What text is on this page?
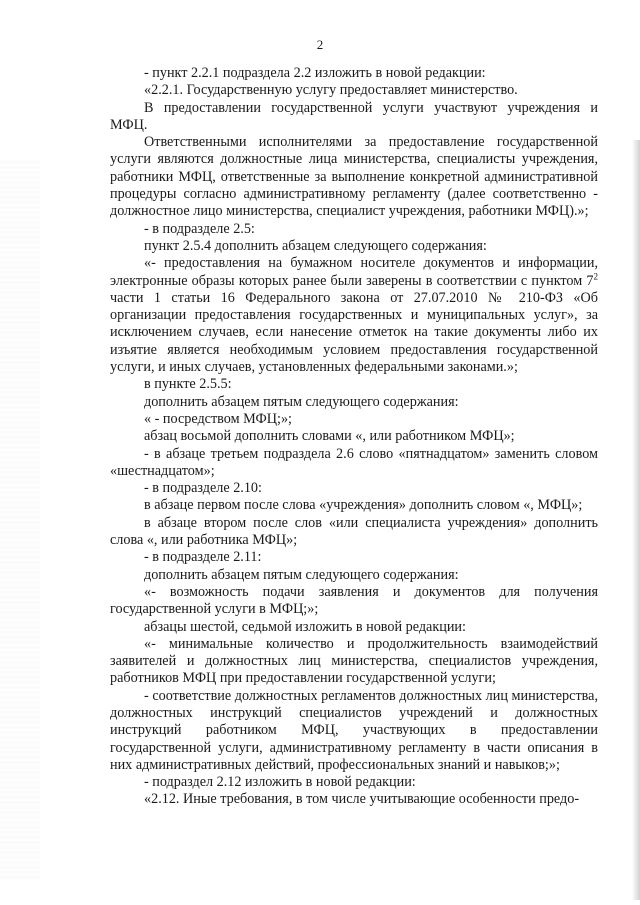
2

- пункт 2.2.1 подраздела 2.2 изложить в новой редакции:

«2.2.1. Государственную услугу предоставляет министерство.

В предоставлении государственной услуги участвуют учреждения и МФЦ.

Ответственными исполнителями за предоставление государственной услуги являются должностные лица министерства, специалисты учреждения, работники МФЦ, ответственные за выполнение конкретной административной процедуры согласно административному регламенту (далее соответственно - должностное лицо министерства, специалист учреждения, работники МФЦ).»;

- в подразделе 2.5:

пункт 2.5.4 дополнить абзацем следующего содержания:

«- предоставления на бумажном носителе документов и информации, электронные образы которых ранее были заверены в соответствии с пунктом $7^2$ части 1 статьи 16 Федерального закона от 27.07.2010 № 210-ФЗ «Об организации предоставления государственных и муниципальных услуг», за исключением случаев, если нанесение отметок на такие документы либо их изъятие является необходимым условием предоставления государственной услуги, и иных случаев, установленных федеральными законами.»;

в пункте 2.5.5:

дополнить абзацем пятым следующего содержания:

« - посредством МФЦ;»;

абзац восьмой дополнить словами «, или работником МФЦ»;

- в абзаце третьем подраздела 2.6 слово «пятнадцатом» заменить словом «шестнадцатом»;

- в подразделе 2.10:

в абзаце первом после слова «учреждения» дополнить словом «, МФЦ»;

в абзаце втором после слов «или специалиста учреждения» дополнить слова «, или работника МФЦ»;

- в подразделе 2.11:

дополнить абзацем пятым следующего содержания:

«- возможность подачи заявления и документов для получения государственной услуги в МФЦ;»;

абзацы шестой, седьмой изложить в новой редакции:

«- минимальные количество и продолжительность взаимодействий заявителей и должностных лиц министерства, специалистов учреждения, работников МФЦ при предоставлении государственной услуги;

- соответствие должностных регламентов должностных лиц министерства, должностных инструкций специалистов учреждений и должностных инструкций работником МФЦ, участвующих в предоставлении государственной услуги, административному регламенту в части описания в них административных действий, профессиональных знаний и навыков;»;

- подраздел 2.12 изложить в новой редакции:

«2.12. Иные требования, в том числе учитывающие особенности предо-
